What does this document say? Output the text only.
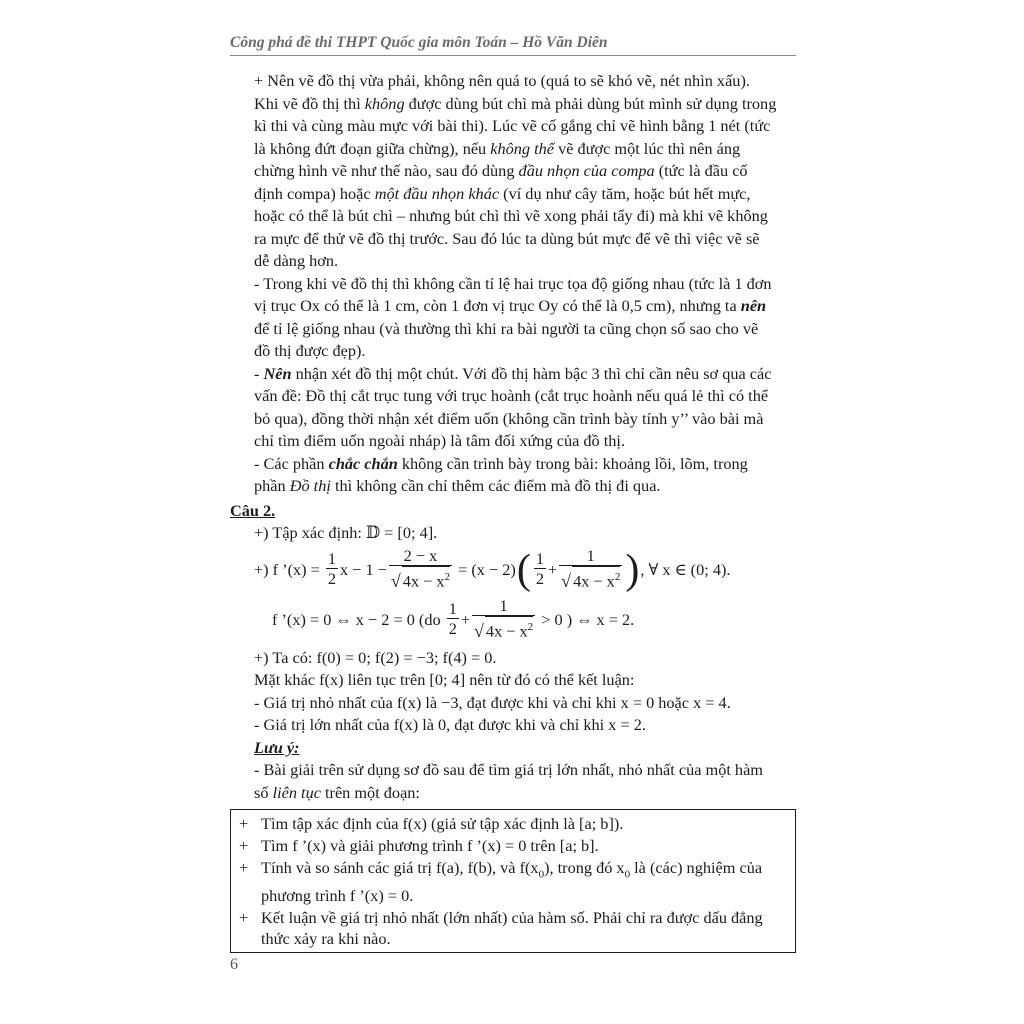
Công phá đề thi THPT Quốc gia môn Toán – Hồ Văn Diên

+ Nên vẽ đồ thị vừa phải, không nên quá to (quá to sẽ khó vẽ, nét nhìn xấu).

Khi vẽ đồ thị thì không được dùng bút chì mà phải dùng bút mình sử dụng trong

kì thi và cùng màu mực với bài thi). Lúc vẽ cố gắng chỉ vẽ hình bằng 1 nét (tức

là không đứt đoạn giữa chừng), nếu không thể vẽ được một lúc thì nên áng

chừng hình vẽ như thế nào, sau đó dùng đầu nhọn của compa (tức là đầu cố

định compa) hoặc một đầu nhọn khác (ví dụ như cây tăm, hoặc bút hết mực,

hoặc có thể là bút chì – nhưng bút chì thì vẽ xong phải tẩy đi) mà khi vẽ không

ra mực để thử vẽ đồ thị trước. Sau đó lúc ta dùng bút mực để vẽ thì việc vẽ sẽ

dễ dàng hơn.

- Trong khi vẽ đồ thị thì không cần tỉ lệ hai trục tọa độ giống nhau (tức là 1 đơn

vị trục Ox có thể là 1 cm, còn 1 đơn vị trục Oy có thể là 0,5 cm), nhưng ta nên

để tỉ lệ giống nhau (và thường thì khi ra bài người ta cũng chọn số sao cho vẽ

đồ thị được đẹp).

- Nên nhận xét đồ thị một chút. Với đồ thị hàm bậc 3 thì chỉ cần nêu sơ qua các

vấn đề: Đồ thị cắt trục tung với trục hoành (cắt trục hoành nếu quá lẻ thì có thể

bỏ qua), đồng thời nhận xét điểm uốn (không cần trình bày tính y’’ vào bài mà

chỉ tìm điểm uốn ngoài nháp) là tâm đối xứng của đồ thị.

- Các phần chắc chắn không cần trình bày trong bài: khoảng lồi, lõm, trong

phần Đồ thị thì không cần chỉ thêm các điểm mà đồ thị đi qua.

Câu 2.

+) Tập xác định: 𝔻 = [0; 4].

+) f ’(x) =
$\frac{1}{2}$ $x - 1 - \frac{2 - x}{√ 4x - x^2}$
=
(x − 2) ( $\frac{1}{2} + \frac{1}{√ 4x - x^2}$ ) , ∀ x ∈ (0; 4).
f ’(x) = 0 ⇔ x − 2 = 0 (do
$\frac{1}{2} + \frac{1}{√ 4x - x^2}$
> 0 ) ⇔ x = 2.

+) Ta có: f(0) = 0; f(2) = −3; f(4) = 0.

Mặt khác f(x) liên tục trên [0; 4] nên từ đó có thể kết luận:

- Giá trị nhỏ nhất của f(x) là −3, đạt được khi và chỉ khi x = 0 hoặc x = 4.

- Giá trị lớn nhất của f(x) là 0, đạt được khi và chỉ khi x = 2.

Lưu ý:

- Bài giải trên sử dụng sơ đồ sau để tìm giá trị lớn nhất, nhỏ nhất của một hàm

số liên tục trên một đoạn:

+ Tìm tập xác định của f(x) (giả sử tập xác định là [a; b]).
+ Tìm f ’(x) và giải phương trình f ’(x) = 0 trên [a; b].
+ Tính và so sánh các giá trị f(a), f(b), và $f(x_0)$, trong đó $x_0$ là (các) nghiệm của
phương trình f ’(x) = 0.
+ Kết luận về giá trị nhỏ nhất (lớn nhất) của hàm số. Phải chỉ ra được dấu đẳng
thức xảy ra khi nào.
6
